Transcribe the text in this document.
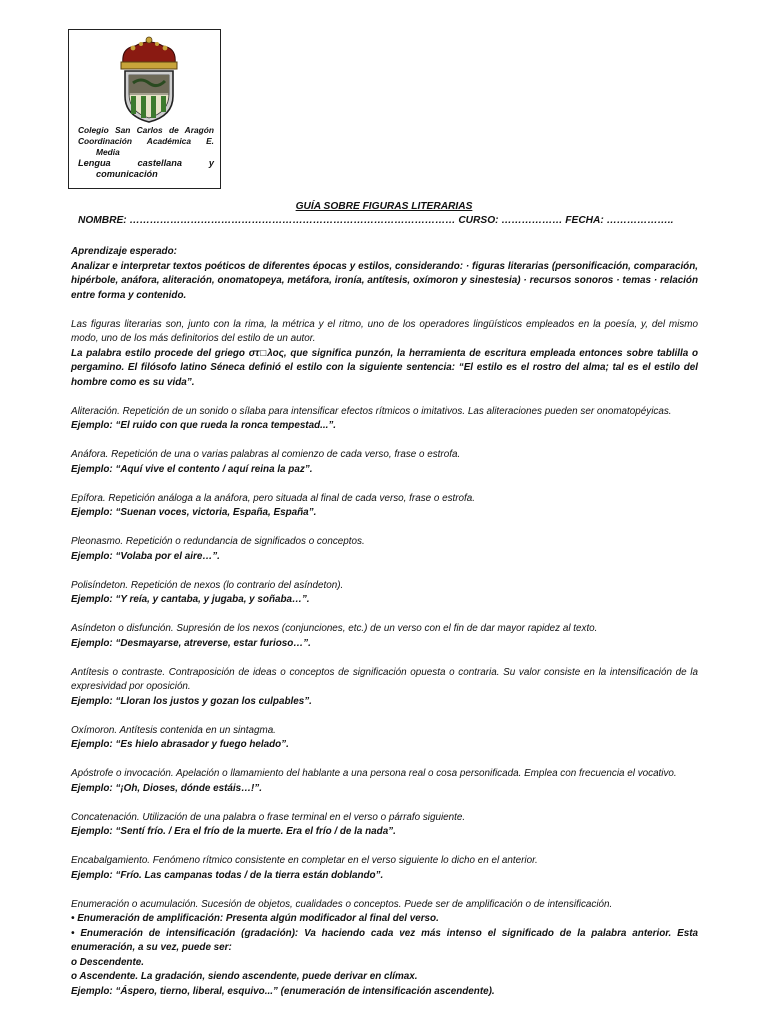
Colegio San Carlos de Aragón
Coordinación Académica E.
Media
Lengua	castellana	y
comunicación
GUÍA SOBRE FIGURAS LITERARIAS
NOMBRE: …………………………………………………………………………………… CURSO: ……………… FECHA: ………………..

Aprendizaje esperado:
Analizar e interpretar textos poéticos de diferentes épocas y estilos, considerando: · figuras literarias (personificación, comparación, hipérbole, anáfora, aliteración, onomatopeya, metáfora, ironía, antítesis, oxímoron y sinestesia) · recursos sonoros · temas · relación entre forma y contenido.

Las figuras literarias son, junto con la rima, la métrica y el ritmo, uno de los operadores lingüísticos empleados en la poesía, y, del mismo modo, uno de los más definitorios del estilo de un autor.
La palabra estilo procede del griego στ□λος, que significa punzón, la herramienta de escritura empleada entonces sobre tablilla o pergamino. El filósofo latino Séneca definió el estilo con la siguiente sentencia: “El estilo es el rostro del alma; tal es el estilo del hombre como es su vida”.

Aliteración. Repetición de un sonido o sílaba para intensificar efectos rítmicos o imitativos. Las aliteraciones pueden ser onomatopéyicas.
Ejemplo: “El ruido con que rueda la ronca tempestad...”.

Anáfora. Repetición de una o varias palabras al comienzo de cada verso, frase o estrofa.
Ejemplo: “Aquí vive el contento / aquí reina la paz”.

Epífora. Repetición análoga a la anáfora, pero situada al final de cada verso, frase o estrofa.
Ejemplo: “Suenan voces, victoria, España, España”.

Pleonasmo. Repetición o redundancia de significados o conceptos.
Ejemplo: “Volaba por el aire…”.

Polisíndeton. Repetición de nexos (lo contrario del asíndeton).
Ejemplo: “Y reía, y cantaba, y jugaba, y soñaba…”.

Asíndeton o disfunción. Supresión de los nexos (conjunciones, etc.) de un verso con el fin de dar mayor rapidez al texto.
Ejemplo: “Desmayarse, atreverse, estar furioso…”.

Antítesis o contraste. Contraposición de ideas o conceptos de significación opuesta o contraria. Su valor consiste en la intensificación de la expresividad por oposición.
Ejemplo: “Lloran los justos y gozan los culpables”.

Oxímoron. Antítesis contenida en un sintagma.
Ejemplo: “Es hielo abrasador y fuego helado”.

Apóstrofe o invocación. Apelación o llamamiento del hablante a una persona real o cosa personificada. Emplea con frecuencia el vocativo.
Ejemplo: “¡Oh, Dioses, dónde estáis…!”.

Concatenación. Utilización de una palabra o frase terminal en el verso o párrafo siguiente.
Ejemplo: “Sentí frío. / Era el frío de la muerte. Era el frío / de la nada”.

Encabalgamiento. Fenómeno rítmico consistente en completar en el verso siguiente lo dicho en el anterior.
Ejemplo: “Frío. Las campanas todas / de la tierra están doblando”.

Enumeración o acumulación. Sucesión de objetos, cualidades o conceptos. Puede ser de amplificación o de intensificación.
• Enumeración de amplificación: Presenta algún modificador al final del verso.
• Enumeración de intensificación (gradación): Va haciendo cada vez más intenso el significado de la palabra anterior. Esta enumeración, a su vez, puede ser:
o Descendente.
o Ascendente. La gradación, siendo ascendente, puede derivar en clímax.
Ejemplo: “Áspero, tierno, liberal, esquivo...” (enumeración de intensificación ascendente).
